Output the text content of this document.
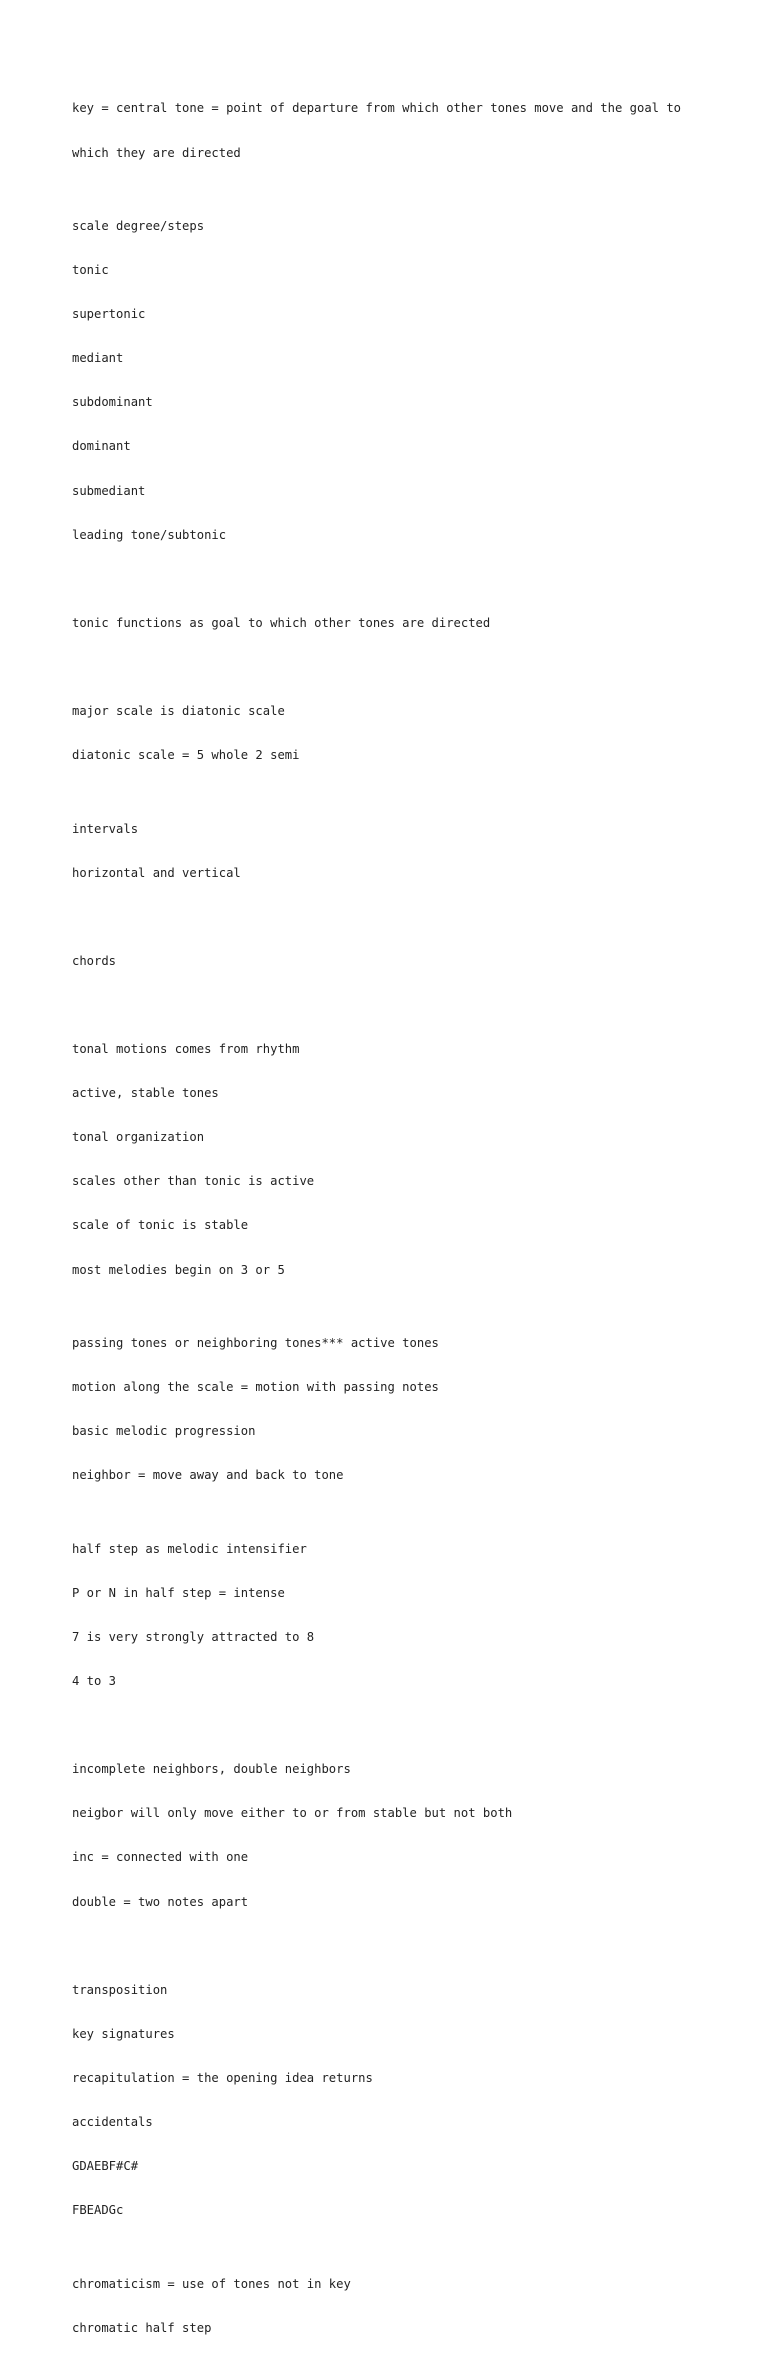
key = central tone = point of departure from which other tones move and the goal to

which they are directed

scale degree/steps

tonic

supertonic

mediant

subdominant

dominant

submediant

leading tone/subtonic

tonic functions as goal to which other tones are directed

major scale is diatonic scale

diatonic scale = 5 whole 2 semi

intervals

horizontal and vertical

chords

tonal motions comes from rhythm

active, stable tones

tonal organization

scales other than tonic is active

scale of tonic is stable

most melodies begin on 3 or 5

passing tones or neighboring tones*** active tones

motion along the scale = motion with passing notes

basic melodic progression

neighbor = move away and back to tone

half step as melodic intensifier

P or N in half step = intense

7 is very strongly attracted to 8

4 to 3

incomplete neighbors, double neighbors

neigbor will only move either to or from stable but not both

inc = connected with one

double = two notes apart

transposition

key signatures

recapitulation = the opening idea returns

accidentals

GDAEBF#C#

FBEADGc

chromaticism = use of tones not in key

chromatic half step
